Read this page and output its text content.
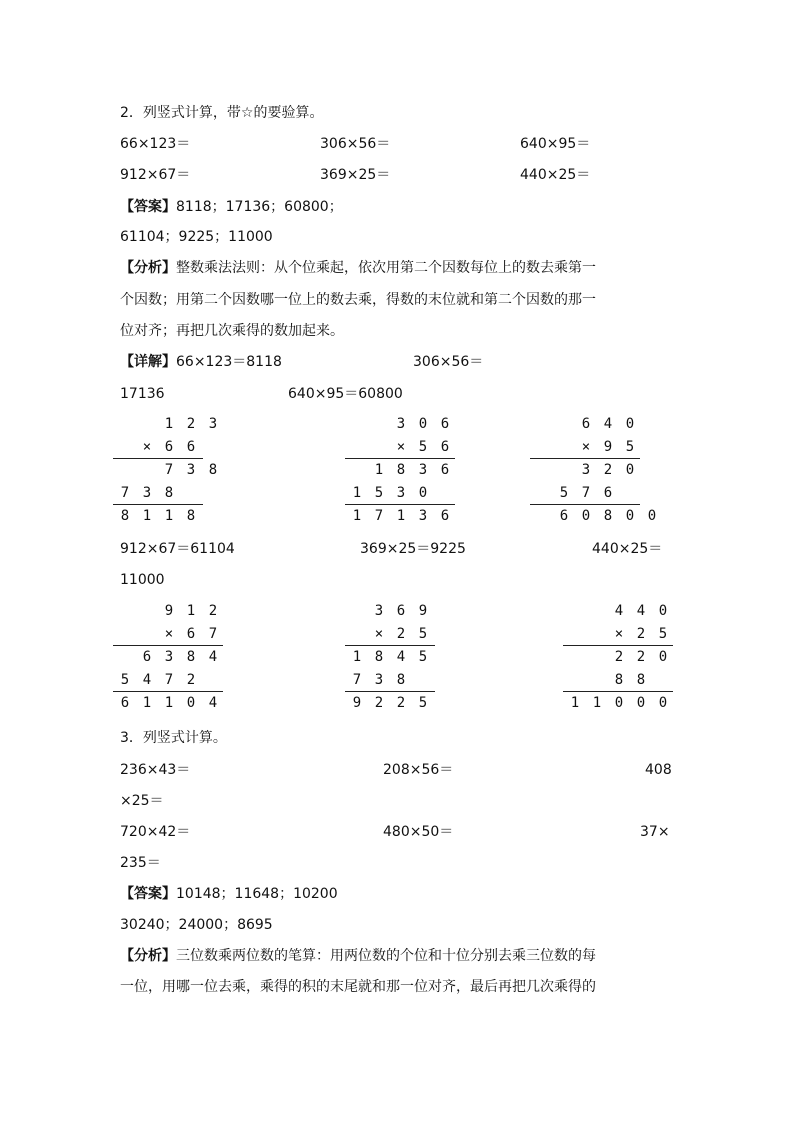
2．列竖式计算，带☆的要验算。
66×123＝	306×56＝	640×95＝
912×67＝	369×25＝	440×25＝
【答案】8118；17136；60800；
61104；9225；11000
【分析】整数乘法法则：从个位乘起，依次用第二个因数每位上的数去乘第一
个因数；用第二个因数哪一位上的数去乘，得数的末位就和第二个因数的那一
位对齐；再把几次乘得的数加起来。
【详解】66×123＝8118	306×56＝
17136	640×95＝60800
1 2 3
× 6 6
7 3 8
7 3 8
8 1 1 8
3 0 6
× 5 6
1 8 3 6
1 5 3 0
1 7 1 3 6
6 4 0
× 9 5
3 2 0
5 7 6
6 0 8 0 0
912×67＝61104	369×25＝9225	440×25＝
11000
9 1 2
× 6 7
6 3 8 4
5 4 7 2
6 1 1 0 4
3 6 9
× 2 5
1 8 4 5
7 3 8
9 2 2 5
4 4 0
× 2 5
2 2 0
8 8
1 1 0 0 0
3．列竖式计算。
236×43＝	208×56＝	408
×25＝
720×42＝	480×50＝	37×
235＝
【答案】10148；11648；10200
30240；24000；8695
【分析】三位数乘两位数的笔算：用两位数的个位和十位分别去乘三位数的每
一位，用哪一位去乘，乘得的积的末尾就和那一位对齐，最后再把几次乘得的
